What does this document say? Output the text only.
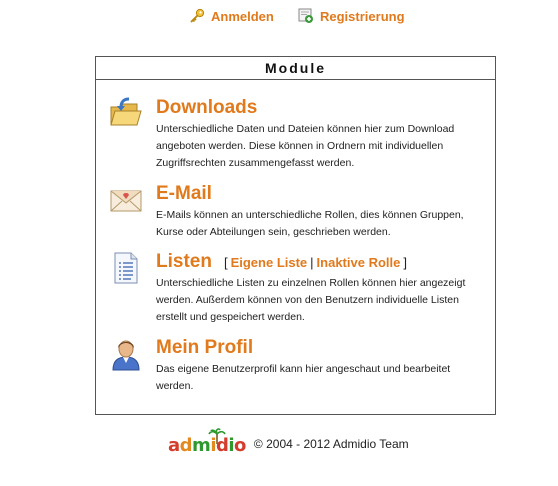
Anmelden	Registrierung
Module
Downloads
Unterschiedliche Daten und Dateien können hier zum Download angeboten werden. Diese können in Ordnern mit individuellen Zugriffsrechten zusammengefasst werden.
E-Mail
E-Mails können an unterschiedliche Rollen, dies können Gruppen, Kurse oder Abteilungen sein, geschrieben werden.
Listen [ Eigene Liste | Inaktive Rolle ]
Unterschiedliche Listen zu einzelnen Rollen können hier angezeigt werden. Außerdem können von den Benutzern individuelle Listen erstellt und gespeichert werden.
Mein Profil
Das eigene Benutzerprofil kann hier angeschaut und bearbeitet werden.
admidio © 2004 - 2012 Admidio Team
